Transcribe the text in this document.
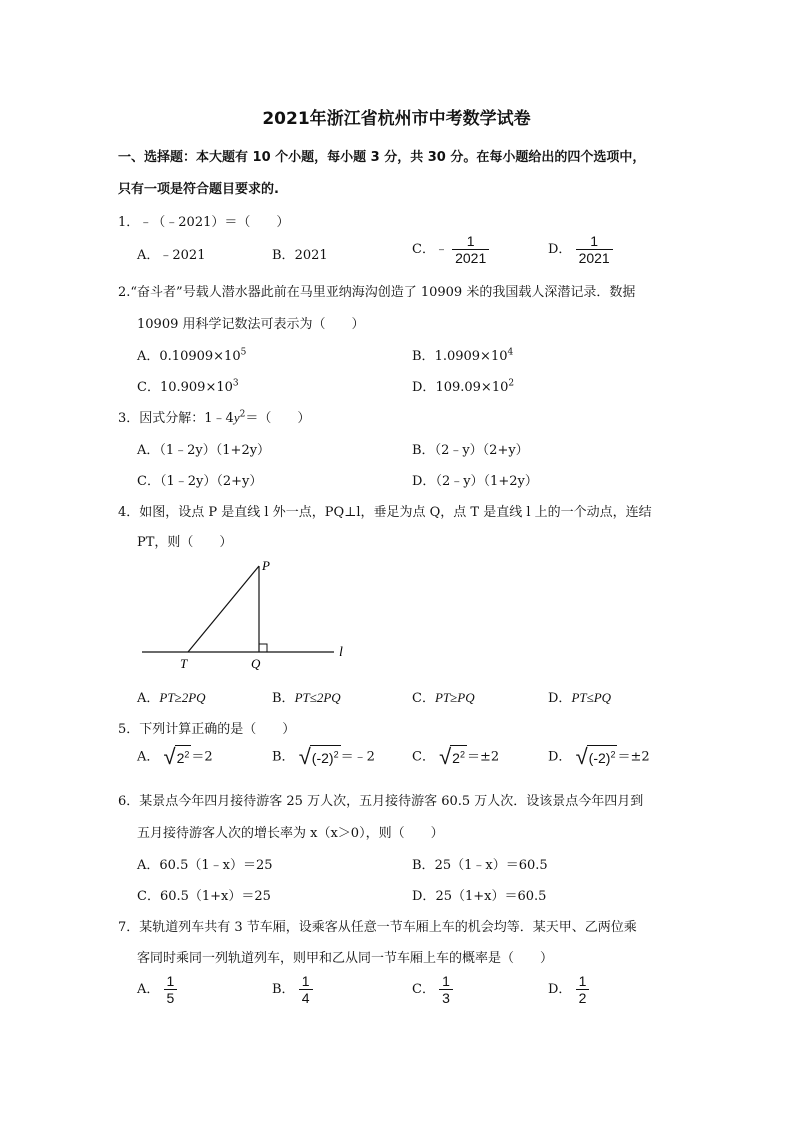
2021年浙江省杭州市中考数学试卷
一、选择题：本大题有 10 个小题，每小题 3 分，共 30 分。在每小题给出的四个选项中，
只有一项是符合题目要求的.
1．﹣（﹣2021）＝（　　）
A．﹣2021	B．2021	C．﹣ $\frac{1}{2021}$	D． $\frac{1}{2021}$
2.“奋斗者”号载人潜水器此前在马里亚纳海沟创造了 10909 米的我国载人深潜记录．数据
10909 用科学记数法可表示为（　　）
A．$0.10909\times 10^5$	B．$1.0909\times 10^4$
C．$10.909\times 10^3$	D．$109.09\times 10^2$
3．因式分解：$1﹣4y^2=$（　　）
A．（1﹣2y）（1+2y）	B．（2﹣y）（2+y）
C．（1﹣2y）（2+y）	D．（2﹣y）（1+2y）
4．如图，设点 P 是直线 l 外一点，PQ⊥l，垂足为点 Q，点 T 是直线 l 上的一个动点，连结
PT，则（　　）
P
T	Q
l
A．PT≥2PQ	B．PT≤2PQ	C．PT≥PQ	D．PT≤PQ
5．下列计算正确的是（　　）
A． √ $2^2 =2$	B． √ $(-2)^2$ ＝﹣2	C． √ $2^2 =\pm 2$	D． √ $(-2)^2 =\pm 2$
6．某景点今年四月接待游客 25 万人次，五月接待游客 60.5 万人次．设该景点今年四月到
五月接待游客人次的增长率为 x（x＞0），则（　　）
A．60.5（1﹣x）＝25	B．25（1﹣x）＝60.5
C．60.5（1+x）＝25	D．25（1+x）＝60.5
7．某轨道列车共有 3 节车厢，设乘客从任意一节车厢上车的机会均等．某天甲、乙两位乘
客同时乘同一列轨道列车，则甲和乙从同一节车厢上车的概率是（　　）
A． $\frac{1}{5}$	B． $\frac{1}{4}$	C． $\frac{1}{3}$	D． $\frac{1}{2}$
